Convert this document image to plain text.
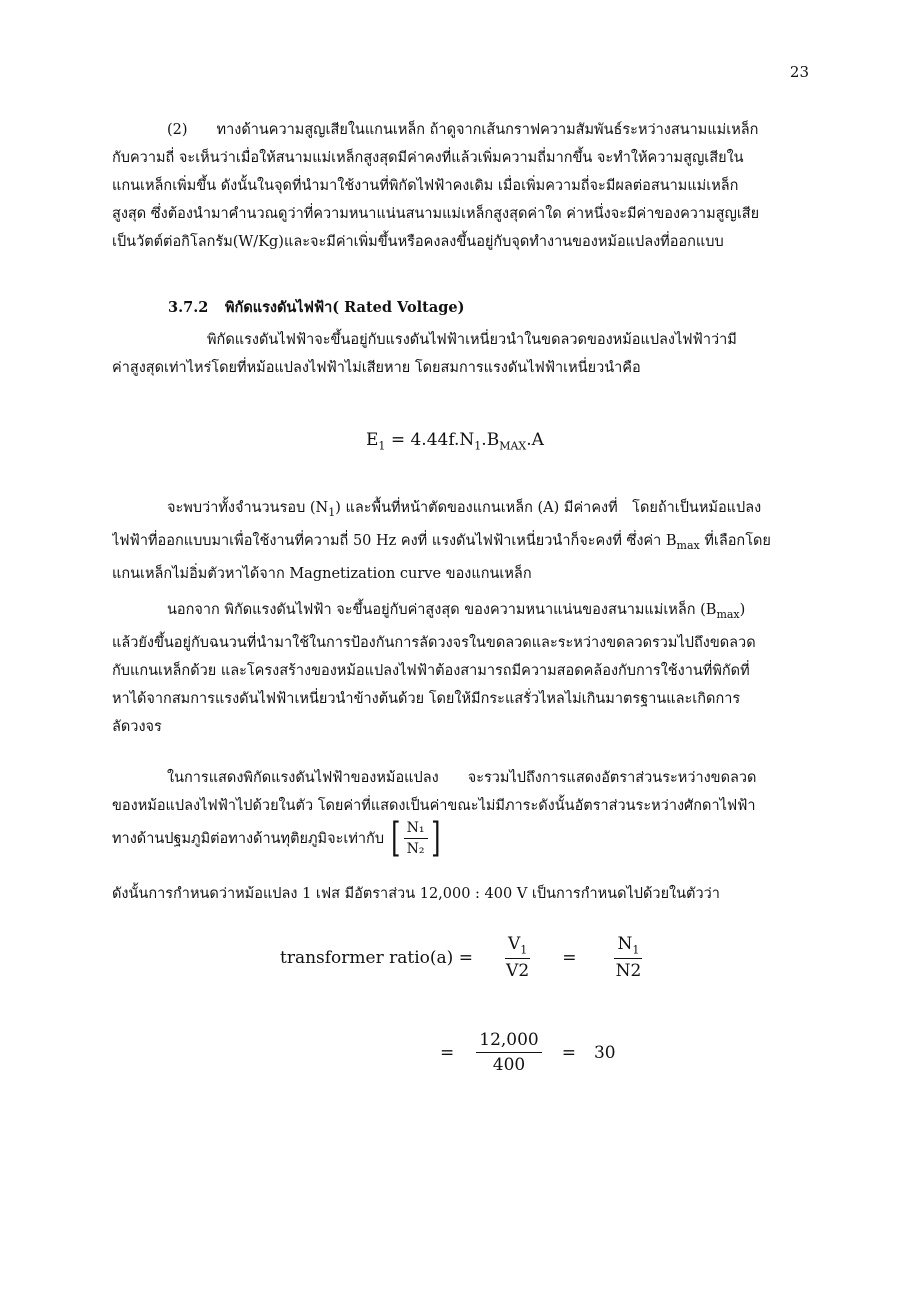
23
(2)  ทางด้านความสูญเสียในแกนเหล็ก ถ้าดูจากเส้นกราฟความสัมพันธ์ระหว่างสนามแม่เหล็ก
กับความถี่ จะเห็นว่าเมื่อให้สนามแม่เหล็กสูงสุดมีค่าคงที่แล้วเพิ่มความถี่มากขึ้น จะทำให้ความสูญเสียใน
แกนเหล็กเพิ่มขึ้น ดังนั้นในจุดที่นำมาใช้งานที่พิกัดไฟฟ้าคงเดิม เมื่อเพิ่มความถี่จะมีผลต่อสนามแม่เหล็ก
สูงสุด ซึ่งต้องนำมาคำนวณดูว่าที่ความหนาแน่นสนามแม่เหล็กสูงสุดค่าใด ค่าหนึ่งจะมีค่าของความสูญเสีย
เป็นวัตต์ต่อกิโลกรัม(W/Kg)และจะมีค่าเพิ่มขึ้นหรือคงลงขึ้นอยู่กับจุดทำงานของหม้อแปลงที่ออกแบบ
3.7.2 พิกัดแรงดันไฟฟ้า( Rated Voltage)
พิกัดแรงดันไฟฟ้าจะขึ้นอยู่กับแรงดันไฟฟ้าเหนี่ยวนำในขดลวดของหม้อแปลงไฟฟ้าว่ามี
ค่าสูงสุดเท่าไหร่โดยที่หม้อแปลงไฟฟ้าไม่เสียหาย โดยสมการแรงดันไฟฟ้าเหนี่ยวนำคือ
$E_1 = 4.44f.N_1.B_{MAX}.A$
จะพบว่าทั้งจำนวนรอบ $(N_1)$ และพื้นที่หน้าตัดของแกนเหล็ก (A) มีค่าคงที่ โดยถ้าเป็นหม้อแปลง
ไฟฟ้าที่ออกแบบมาเพื่อใช้งานที่ความถี่ 50 Hz คงที่ แรงดันไฟฟ้าเหนี่ยวนำก็จะคงที่ ซึ่งค่า $B_{max}$ ที่เลือกโดย
แกนเหล็กไม่อิ่มตัวหาได้จาก Magnetization curve ของแกนเหล็ก
นอกจาก พิกัดแรงดันไฟฟ้า จะขึ้นอยู่กับค่าสูงสุด ของความหนาแน่นของสนามแม่เหล็ก $(B_{max})$
แล้วยังขึ้นอยู่กับฉนวนที่นำมาใช้ในการป้องกันการลัดวงจรในขดลวดและระหว่างขดลวดรวมไปถึงขดลวด
กับแกนเหล็กด้วย และโครงสร้างของหม้อแปลงไฟฟ้าต้องสามารถมีความสอดคล้องกับการใช้งานที่พิกัดที่
หาได้จากสมการแรงดันไฟฟ้าเหนี่ยวนำข้างต้นด้วย โดยให้มีกระแสรั่วไหลไม่เกินมาตรฐานและเกิดการ
ลัดวงจร
ในการแสดงพิกัดแรงดันไฟฟ้าของหม้อแปลง  จะรวมไปถึงการแสดงอัตราส่วนระหว่างขดลวด
ของหม้อแปลงไฟฟ้าไปด้วยในตัว โดยค่าที่แสดงเป็นค่าขณะไม่มีภาระดังนั้นอัตราส่วนระหว่างศักดาไฟฟ้า
ทางด้านปฐมภูมิต่อทางด้านทุติยภูมิจะเท่ากับ [ $\frac{\text{N₁}}{\text{N₂}}$ ]
ดังนั้นการกำหนดว่าหม้อแปลง 1 เฟส มีอัตราส่วน 12,000 : 400 V เป็นการกำหนดไปด้วยในตัวว่า
transformer ratio(a) = $\frac{V_1}{V2} = \frac{N_1}{N2}$
= $\frac{12,000}{400} = 30$
